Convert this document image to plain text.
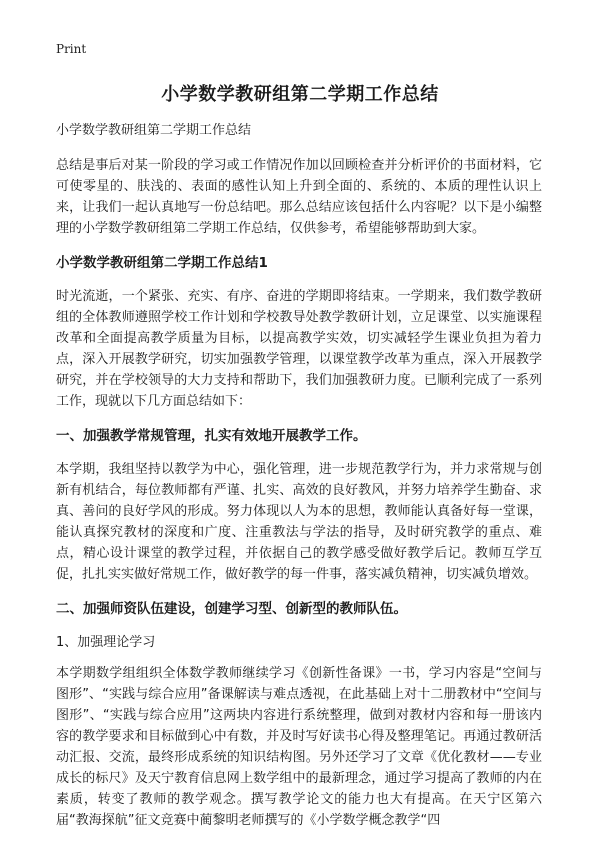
Print
小学数学教研组第二学期工作总结

小学数学教研组第二学期工作总结

总结是事后对某一阶段的学习或工作情况作加以回顾检查并分析评价的书面材料，它可使零星的、肤浅的、表面的感性认知上升到全面的、系统的、本质的理性认识上来，让我们一起认真地写一份总结吧。那么总结应该包括什么内容呢？以下是小编整理的小学数学教研组第二学期工作总结，仅供参考，希望能够帮助到大家。

小学数学教研组第二学期工作总结1

时光流逝，一个紧张、充实、有序、奋进的学期即将结束。一学期来，我们数学教研组的全体教师遵照学校工作计划和学校教导处教学教研计划，立足课堂、以实施课程改革和全面提高教学质量为目标，以提高教学实效，切实减轻学生课业负担为着力点，深入开展教学研究，切实加强教学管理，以课堂教学改革为重点，深入开展教学研究，并在学校领导的大力支持和帮助下，我们加强教研力度。已顺利完成了一系列工作，现就以下几方面总结如下：

一、加强教学常规管理，扎实有效地开展教学工作。

本学期，我组坚持以教学为中心，强化管理，进一步规范教学行为，并力求常规与创新有机结合，每位教师都有严谨、扎实、高效的良好教风，并努力培养学生勤奋、求真、善问的良好学风的形成。努力体现以人为本的思想，教师能认真备好每一堂课，能认真探究教材的深度和广度、注重教法与学法的指导，及时研究教学的重点、难点，精心设计课堂的教学过程，并依据自己的教学感受做好教学后记。教师互学互促，扎扎实实做好常规工作，做好教学的每一件事，落实减负精神，切实减负增效。

二、加强师资队伍建设，创建学习型、创新型的教师队伍。
1、加强理论学习

本学期数学组组织全体数学教师继续学习《创新性备课》一书，学习内容是“空间与图形”、“实践与综合应用”备课解读与难点透视，在此基础上对十二册教材中“空间与图形”、“实践与综合应用”这两块内容进行系统整理，做到对教材内容和每一册该内容的教学要求和目标做到心中有数，并及时写好读书心得及整理笔记。再通过教研活动汇报、交流，最终形成系统的知识结构图。另外还学习了文章《优化教材——专业成长的标尺》及天宁教育信息网上数学组中的最新理念，通过学习提高了教师的内在素质，转变了教师的教学观念。撰写教学论文的能力也大有提高。在天宁区第六届“教海探航”征文竞赛中蔺黎明老师撰写的《小学数学概念教学“四
